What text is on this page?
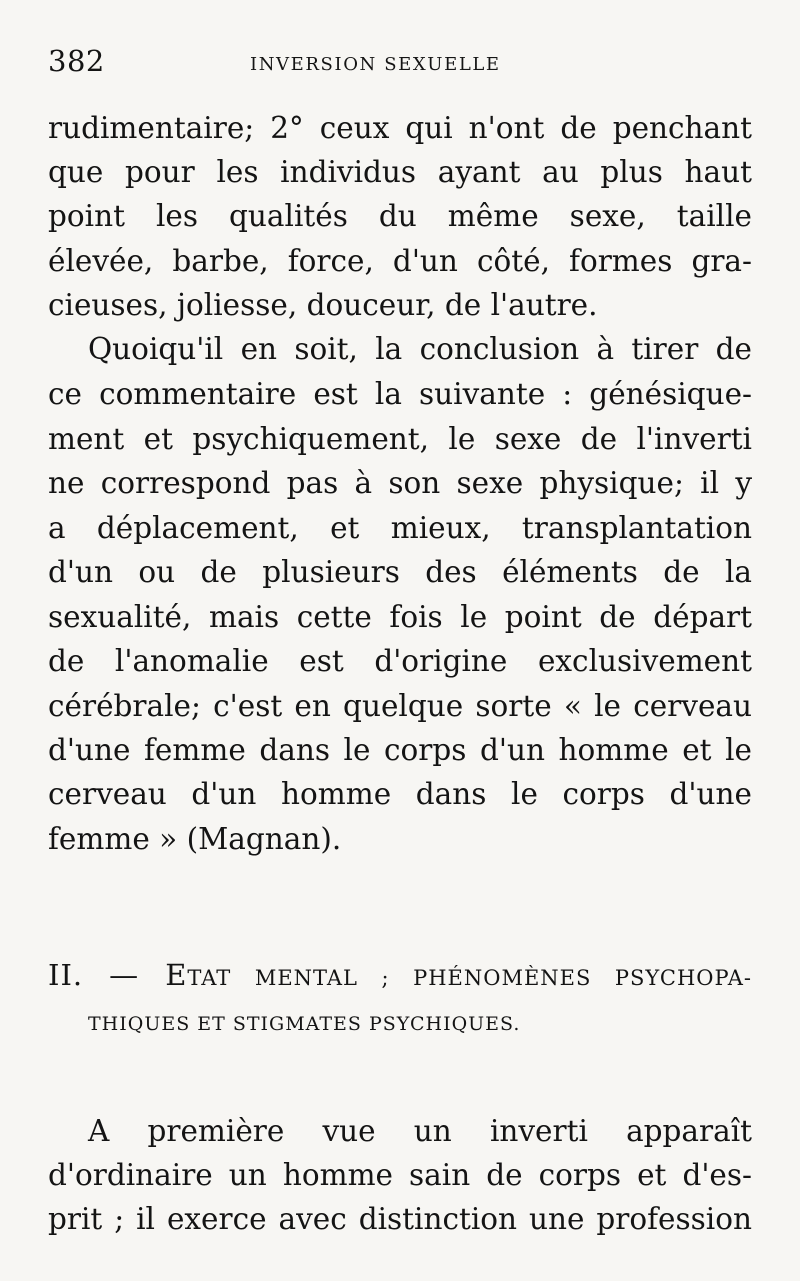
382	INVERSION SEXUELLE
rudimentaire; 2° ceux qui n'ont de penchant
que pour les individus ayant au plus haut
point les qualités du même sexe, taille
élevée, barbe, force, d'un côté, formes gra-
cieuses, joliesse, douceur, de l'autre.
Quoiqu'il en soit, la conclusion à tirer de
ce commentaire est la suivante : génésique-
ment et psychiquement, le sexe de l'inverti
ne correspond pas à son sexe physique; il y
a déplacement, et mieux, transplantation
d'un ou de plusieurs des éléments de la
sexualité, mais cette fois le point de départ
de l'anomalie est d'origine exclusivement
cérébrale; c'est en quelque sorte « le cerveau
d'une femme dans le corps d'un homme et le
cerveau d'un homme dans le corps d'une
femme » (Magnan).
II. — ETAT MENTAL ; PHÉNOMÈNES PSYCHOPA-
THIQUES ET STIGMATES PSYCHIQUES.
A première vue un inverti apparaît
d'ordinaire un homme sain de corps et d'es-
prit ; il exerce avec distinction une profession
